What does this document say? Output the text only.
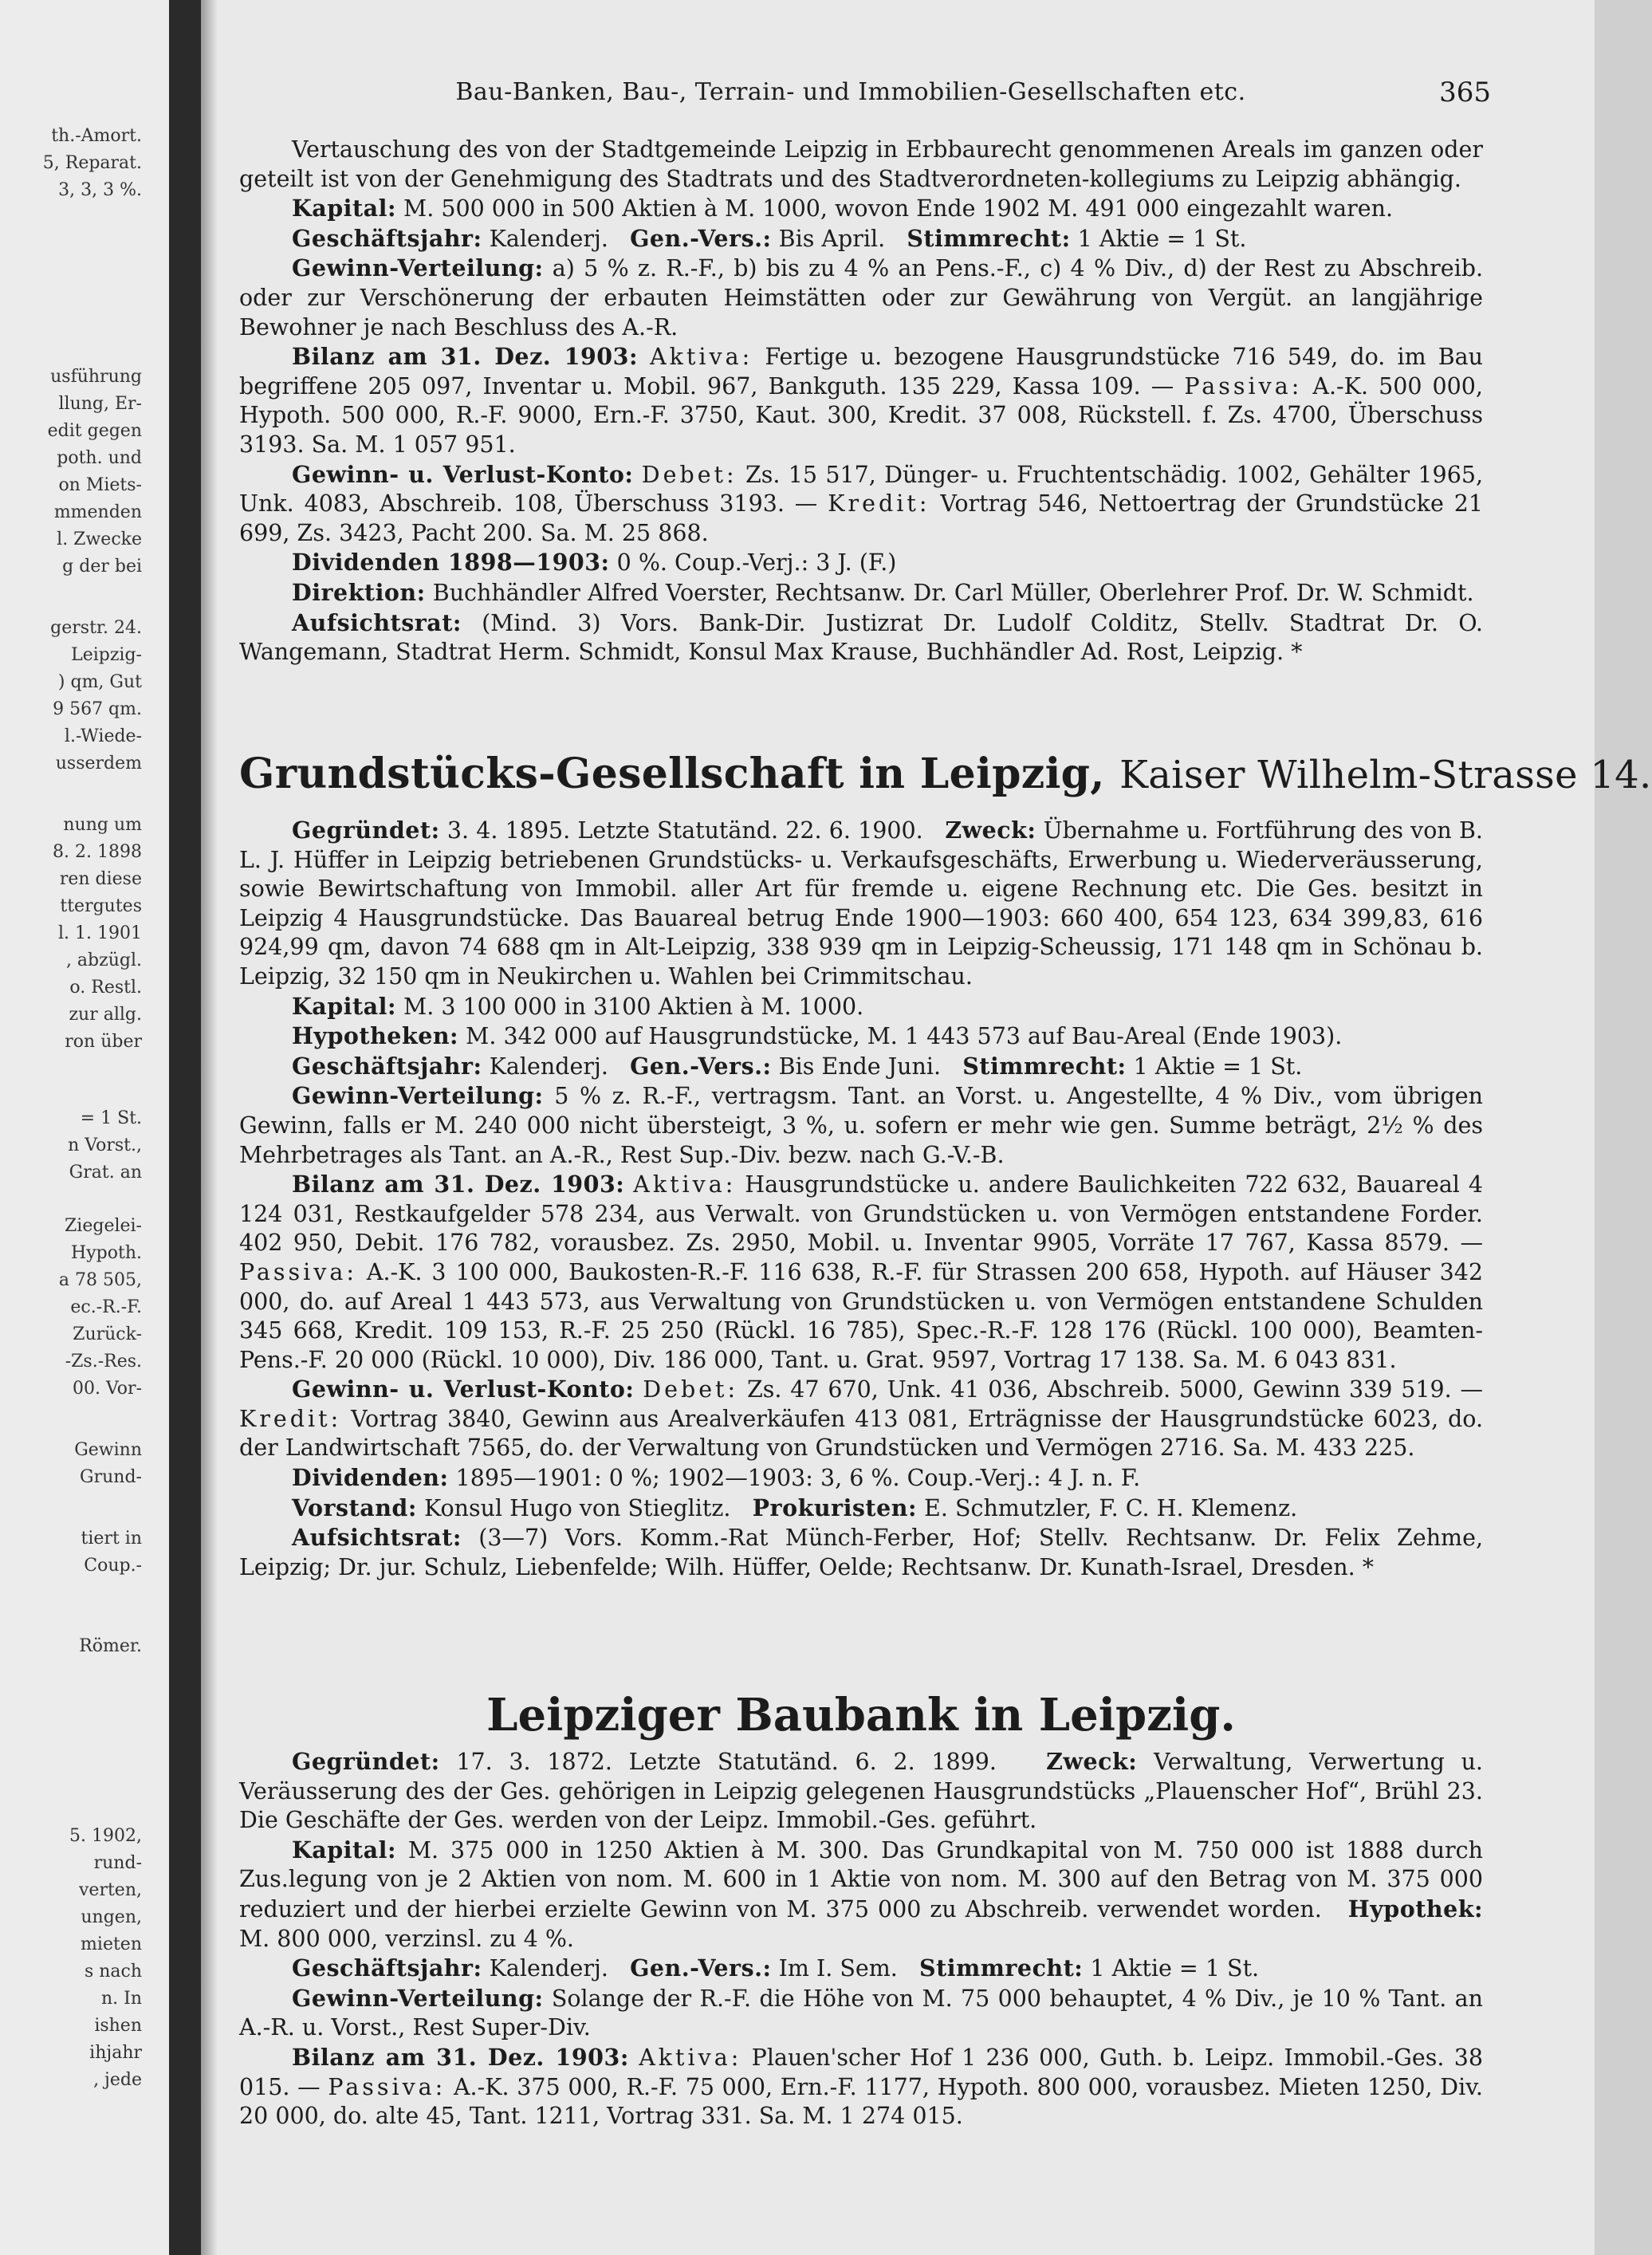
th.-Amort.
5, Reparat.
3, 3, 3 %.
usführung
llung, Er-
edit gegen
poth. und
on Miets-
mmenden
l. Zwecke
g der bei
gerstr. 24.
Leipzig-
) qm, Gut
9 567 qm.
l.-Wiede-
usserdem
nung um
8. 2. 1898
ren diese
ttergutes
l. 1. 1901
, abzügl.
o. Restl.
zur allg.
ron über
= 1 St.
n Vorst.,
Grat. an
Ziegelei-
Hypoth.
a 78 505,
ec.-R.-F.
Zurück-
-Zs.-Res.
00. Vor-
Gewinn
Grund-
tiert in
Coup.-
Römer.
5. 1902,
rund-
verten,
ungen,
mieten
s nach
n. In
ishen
ihjahr
, jede
Bau-Banken, Bau-, Terrain- und Immobilien-Gesellschaften etc.	365

Vertauschung des von der Stadtgemeinde Leipzig in Erbbaurecht genommenen Areals im ganzen oder geteilt ist von der Genehmigung des Stadtrats und des Stadtverordneten-kollegiums zu Leipzig abhängig.

Kapital: M. 500 000 in 500 Aktien à M. 1000, wovon Ende 1902 M. 491 000 eingezahlt waren.

Geschäftsjahr: Kalenderj. Gen.-Vers.: Bis April. Stimmrecht: 1 Aktie = 1 St.

Gewinn-Verteilung: a) 5 % z. R.-F., b) bis zu 4 % an Pens.-F., c) 4 % Div., d) der Rest zu Abschreib. oder zur Verschönerung der erbauten Heimstätten oder zur Gewährung von Vergüt. an langjährige Bewohner je nach Beschluss des A.-R.

Bilanz am 31. Dez. 1903: Aktiva: Fertige u. bezogene Hausgrundstücke 716 549, do. im Bau begriffene 205 097, Inventar u. Mobil. 967, Bankguth. 135 229, Kassa 109. — Passiva: A.-K. 500 000, Hypoth. 500 000, R.-F. 9000, Ern.-F. 3750, Kaut. 300, Kredit. 37 008, Rückstell. f. Zs. 4700, Überschuss 3193. Sa. M. 1 057 951.

Gewinn- u. Verlust-Konto: Debet: Zs. 15 517, Dünger- u. Fruchtentschädig. 1002, Gehälter 1965, Unk. 4083, Abschreib. 108, Überschuss 3193. — Kredit: Vortrag 546, Nettoertrag der Grundstücke 21 699, Zs. 3423, Pacht 200. Sa. M. 25 868.

Dividenden 1898—1903: 0 %. Coup.-Verj.: 3 J. (F.)

Direktion: Buchhändler Alfred Voerster, Rechtsanw. Dr. Carl Müller, Oberlehrer Prof. Dr. W. Schmidt.

Aufsichtsrat: (Mind. 3) Vors. Bank-Dir. Justizrat Dr. Ludolf Colditz, Stellv. Stadtrat Dr. O. Wangemann, Stadtrat Herm. Schmidt, Konsul Max Krause, Buchhändler Ad. Rost, Leipzig. *

Grundstücks-Gesellschaft in Leipzig, Kaiser Wilhelm-Strasse 14.

Gegründet: 3. 4. 1895. Letzte Statutänd. 22. 6. 1900. Zweck: Übernahme u. Fortführung des von B. L. J. Hüffer in Leipzig betriebenen Grundstücks- u. Verkaufsgeschäfts, Erwerbung u. Wiederveräusserung, sowie Bewirtschaftung von Immobil. aller Art für fremde u. eigene Rechnung etc. Die Ges. besitzt in Leipzig 4 Hausgrundstücke. Das Bauareal betrug Ende 1900—1903: 660 400, 654 123, 634 399,83, 616 924,99 qm, davon 74 688 qm in Alt-Leipzig, 338 939 qm in Leipzig-Scheussig, 171 148 qm in Schönau b. Leipzig, 32 150 qm in Neukirchen u. Wahlen bei Crimmitschau.

Kapital: M. 3 100 000 in 3100 Aktien à M. 1000.

Hypotheken: M. 342 000 auf Hausgrundstücke, M. 1 443 573 auf Bau-Areal (Ende 1903).

Geschäftsjahr: Kalenderj. Gen.-Vers.: Bis Ende Juni. Stimmrecht: 1 Aktie = 1 St.

Gewinn-Verteilung: 5 % z. R.-F., vertragsm. Tant. an Vorst. u. Angestellte, 4 % Div., vom übrigen Gewinn, falls er M. 240 000 nicht übersteigt, 3 %, u. sofern er mehr wie gen. Summe beträgt, 2½ % des Mehrbetrages als Tant. an A.-R., Rest Sup.-Div. bezw. nach G.-V.-B.

Bilanz am 31. Dez. 1903: Aktiva: Hausgrundstücke u. andere Baulichkeiten 722 632, Bauareal 4 124 031, Restkaufgelder 578 234, aus Verwalt. von Grundstücken u. von Vermögen entstandene Forder. 402 950, Debit. 176 782, vorausbez. Zs. 2950, Mobil. u. Inventar 9905, Vorräte 17 767, Kassa 8579. — Passiva: A.-K. 3 100 000, Baukosten-R.-F. 116 638, R.-F. für Strassen 200 658, Hypoth. auf Häuser 342 000, do. auf Areal 1 443 573, aus Verwaltung von Grundstücken u. von Vermögen entstandene Schulden 345 668, Kredit. 109 153, R.-F. 25 250 (Rückl. 16 785), Spec.-R.-F. 128 176 (Rückl. 100 000), Beamten-Pens.-F. 20 000 (Rückl. 10 000), Div. 186 000, Tant. u. Grat. 9597, Vortrag 17 138. Sa. M. 6 043 831.

Gewinn- u. Verlust-Konto: Debet: Zs. 47 670, Unk. 41 036, Abschreib. 5000, Gewinn 339 519. — Kredit: Vortrag 3840, Gewinn aus Arealverkäufen 413 081, Erträgnisse der Hausgrundstücke 6023, do. der Landwirtschaft 7565, do. der Verwaltung von Grundstücken und Vermögen 2716. Sa. M. 433 225.

Dividenden: 1895—1901: 0 %; 1902—1903: 3, 6 %. Coup.-Verj.: 4 J. n. F.

Vorstand: Konsul Hugo von Stieglitz. Prokuristen: E. Schmutzler, F. C. H. Klemenz.

Aufsichtsrat: (3—7) Vors. Komm.-Rat Münch-Ferber, Hof; Stellv. Rechtsanw. Dr. Felix Zehme, Leipzig; Dr. jur. Schulz, Liebenfelde; Wilh. Hüffer, Oelde; Rechtsanw. Dr. Kunath-Israel, Dresden. *

Leipziger Baubank in Leipzig.

Gegründet: 17. 3. 1872. Letzte Statutänd. 6. 2. 1899. Zweck: Verwaltung, Verwertung u. Veräusserung des der Ges. gehörigen in Leipzig gelegenen Hausgrundstücks „Plauenscher Hof“, Brühl 23. Die Geschäfte der Ges. werden von der Leipz. Immobil.-Ges. geführt.

Kapital: M. 375 000 in 1250 Aktien à M. 300. Das Grundkapital von M. 750 000 ist 1888 durch Zus.legung von je 2 Aktien von nom. M. 600 in 1 Aktie von nom. M. 300 auf den Betrag von M. 375 000 reduziert und der hierbei erzielte Gewinn von M. 375 000 zu Abschreib. verwendet worden. Hypothek: M. 800 000, verzinsl. zu 4 %.

Geschäftsjahr: Kalenderj. Gen.-Vers.: Im I. Sem. Stimmrecht: 1 Aktie = 1 St.

Gewinn-Verteilung: Solange der R.-F. die Höhe von M. 75 000 behauptet, 4 % Div., je 10 % Tant. an A.-R. u. Vorst., Rest Super-Div.

Bilanz am 31. Dez. 1903: Aktiva: Plauen'scher Hof 1 236 000, Guth. b. Leipz. Immobil.-Ges. 38 015. — Passiva: A.-K. 375 000, R.-F. 75 000, Ern.-F. 1177, Hypoth. 800 000, vorausbez. Mieten 1250, Div. 20 000, do. alte 45, Tant. 1211, Vortrag 331. Sa. M. 1 274 015.
